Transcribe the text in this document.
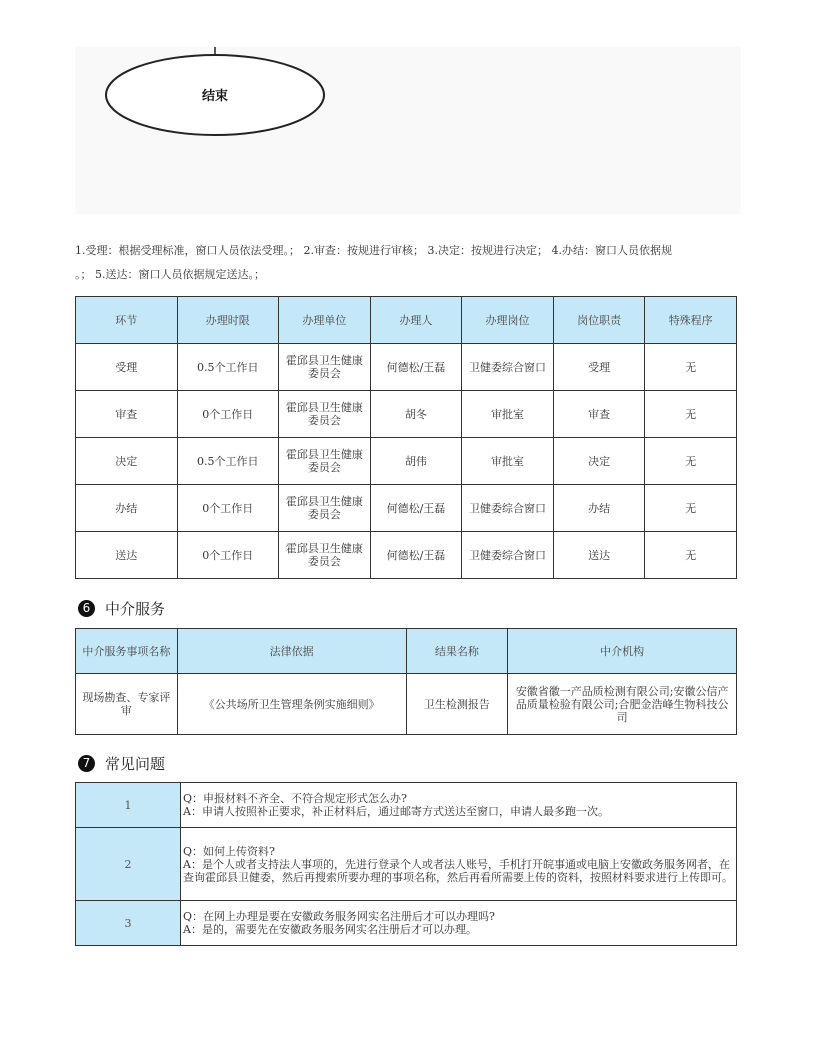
结束
1.受理：根据受理标准，窗口人员依法受理。； 2.审查：按规进行审核； 3.决定：按规进行决定； 4.办结：窗口人员依据规
。； 5.送达：窗口人员依据规定送达。；
环节	办理时限	办理单位	办理人	办理岗位	岗位职责	特殊程序
受理	0.5个工作日	霍邱县卫生健康委员会	何德松/王磊	卫健委综合窗口	受理	无
审查	0个工作日	霍邱县卫生健康委员会	胡冬	审批室	审查	无
决定	0.5个工作日	霍邱县卫生健康委员会	胡伟	审批室	决定	无
办结	0个工作日	霍邱县卫生健康委员会	何德松/王磊	卫健委综合窗口	办结	无
送达	0个工作日	霍邱县卫生健康委员会	何德松/王磊	卫健委综合窗口	送达	无
6 中介服务
中介服务事项名称	法律依据	结果名称	中介机构
现场勘查、专家评审	《公共场所卫生管理条例实施细则》	卫生检测报告	安徽省徽一产品质检测有限公司;安徽公信产品质量检验有限公司;合肥金浩峰生物科技公司
7 常见问题
1	Q：申报材料不齐全、不符合规定形式怎么办?
A：申请人按照补正要求，补正材料后，通过邮寄方式送达至窗口，申请人最多跑一次。

2	Q：如何上传资料?
A：是个人或者支持法人事项的，先进行登录个人或者法人账号，手机打开皖事通或电脑上安徽政务服务网者，在查询霍邱县卫健委，然后再搜索所要办理的事项名称，然后再看所需要上传的资料，按照材料要求进行上传即可。

3	Q：在网上办理是要在安徽政务服务网实名注册后才可以办理吗?
A：是的，需要先在安徽政务服务网实名注册后才可以办理。
